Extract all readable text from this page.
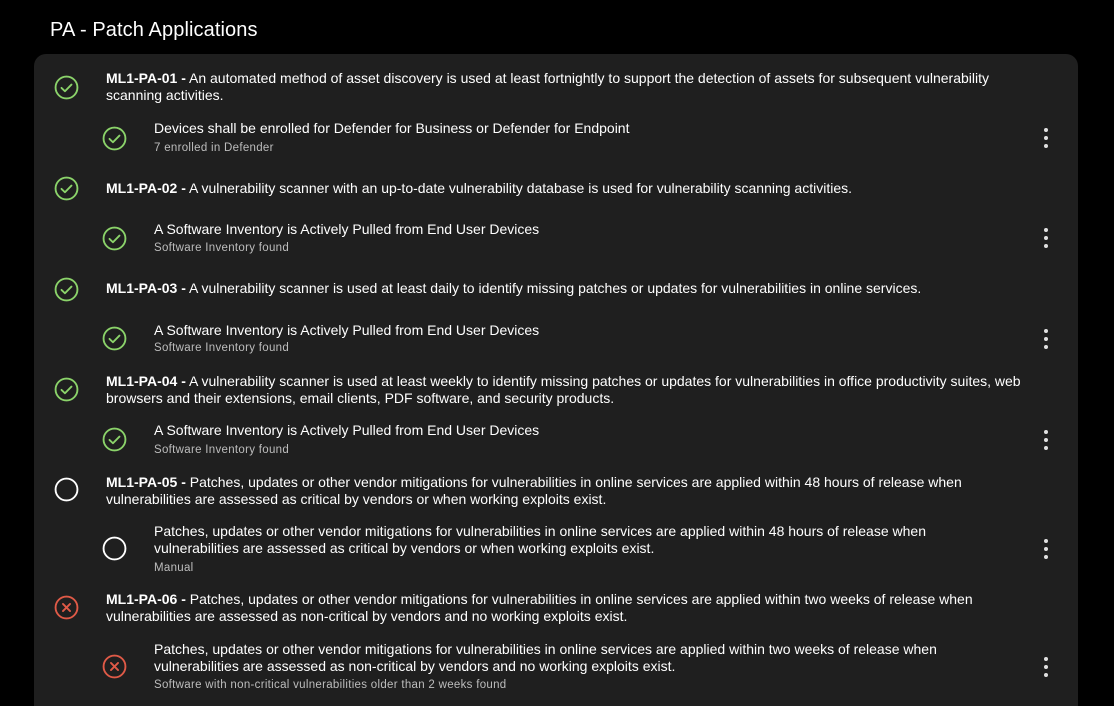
PA - Patch Applications
ML1-PA-01 - An automated method of asset discovery is used at least fortnightly to support the detection of assets for subsequent vulnerability scanning activities.
Devices shall be enrolled for Defender for Business or Defender for Endpoint
7 enrolled in Defender
ML1-PA-02 - A vulnerability scanner with an up-to-date vulnerability database is used for vulnerability scanning activities.
A Software Inventory is Actively Pulled from End User Devices
Software Inventory found
ML1-PA-03 - A vulnerability scanner is used at least daily to identify missing patches or updates for vulnerabilities in online services.
A Software Inventory is Actively Pulled from End User Devices
Software Inventory found
ML1-PA-04 - A vulnerability scanner is used at least weekly to identify missing patches or updates for vulnerabilities in office productivity suites, web browsers and their extensions, email clients, PDF software, and security products.
A Software Inventory is Actively Pulled from End User Devices
Software Inventory found
ML1-PA-05 - Patches, updates or other vendor mitigations for vulnerabilities in online services are applied within 48 hours of release when vulnerabilities are assessed as critical by vendors or when working exploits exist.
Patches, updates or other vendor mitigations for vulnerabilities in online services are applied within 48 hours of release when vulnerabilities are assessed as critical by vendors or when working exploits exist.
Manual
ML1-PA-06 - Patches, updates or other vendor mitigations for vulnerabilities in online services are applied within two weeks of release when vulnerabilities are assessed as non-critical by vendors and no working exploits exist.
Patches, updates or other vendor mitigations for vulnerabilities in online services are applied within two weeks of release when vulnerabilities are assessed as non-critical by vendors and no working exploits exist.
Software with non-critical vulnerabilities older than 2 weeks found
